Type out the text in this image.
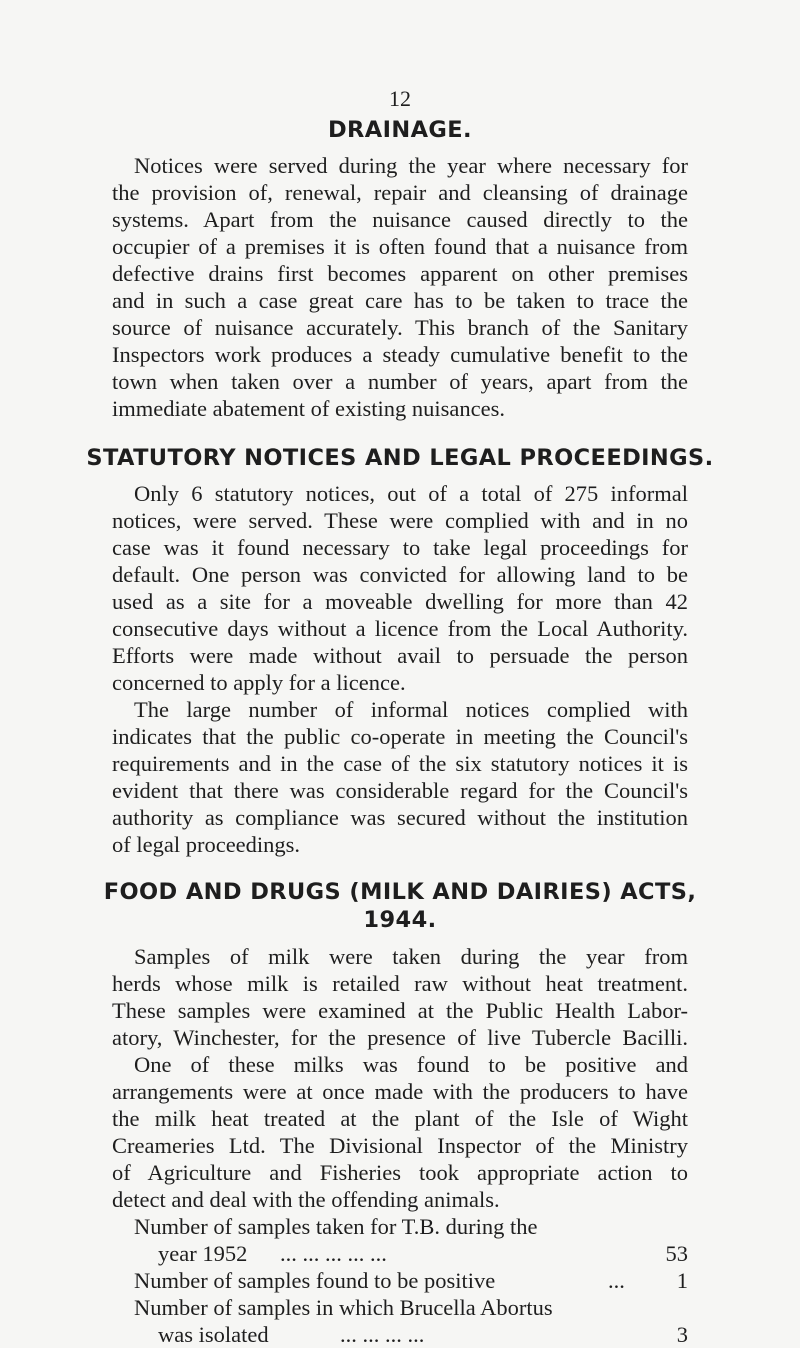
12
DRAINAGE.
Notices were served during the year where necessary for
the provision of, renewal, repair and cleansing of drainage
systems. Apart from the nuisance caused directly to the
occupier of a premises it is often found that a nuisance from
defective drains first becomes apparent on other premises
and in such a case great care has to be taken to trace the
source of nuisance accurately. This branch of the Sanitary
Inspectors work produces a steady cumulative benefit to the
town when taken over a number of years, apart from the
immediate abatement of existing nuisances.
STATUTORY NOTICES AND LEGAL PROCEEDINGS.
Only 6 statutory notices, out of a total of 275 informal
notices, were served. These were complied with and in no
case was it found necessary to take legal proceedings for
default. One person was convicted for allowing land to be
used as a site for a moveable dwelling for more than 42
consecutive days without a licence from the Local Authority.
Efforts were made without avail to persuade the person
concerned to apply for a licence.
The large number of informal notices complied with
indicates that the public co-operate in meeting the Council's
requirements and in the case of the six statutory notices it is
evident that there was considerable regard for the Council's
authority as compliance was secured without the institution
of legal proceedings.
FOOD AND DRUGS (MILK AND DAIRIES) ACTS,
1944.
Samples of milk were taken during the year from
herds whose milk is retailed raw without heat treatment.
These samples were examined at the Public Health Labor-
atory, Winchester, for the presence of live Tubercle Bacilli.
One of these milks was found to be positive and
arrangements were at once made with the producers to have
the milk heat treated at the plant of the Isle of Wight
Creameries Ltd. The Divisional Inspector of the Ministry
of Agriculture and Fisheries took appropriate action to
detect and deal with the offending animals.
Number of samples taken for T.B. during the
year 1952 ... ... ... ... ...	53
Number of samples found to be positive	... 1
Number of samples in which Brucella Abortus
was isolated	... ... ... ...	3
